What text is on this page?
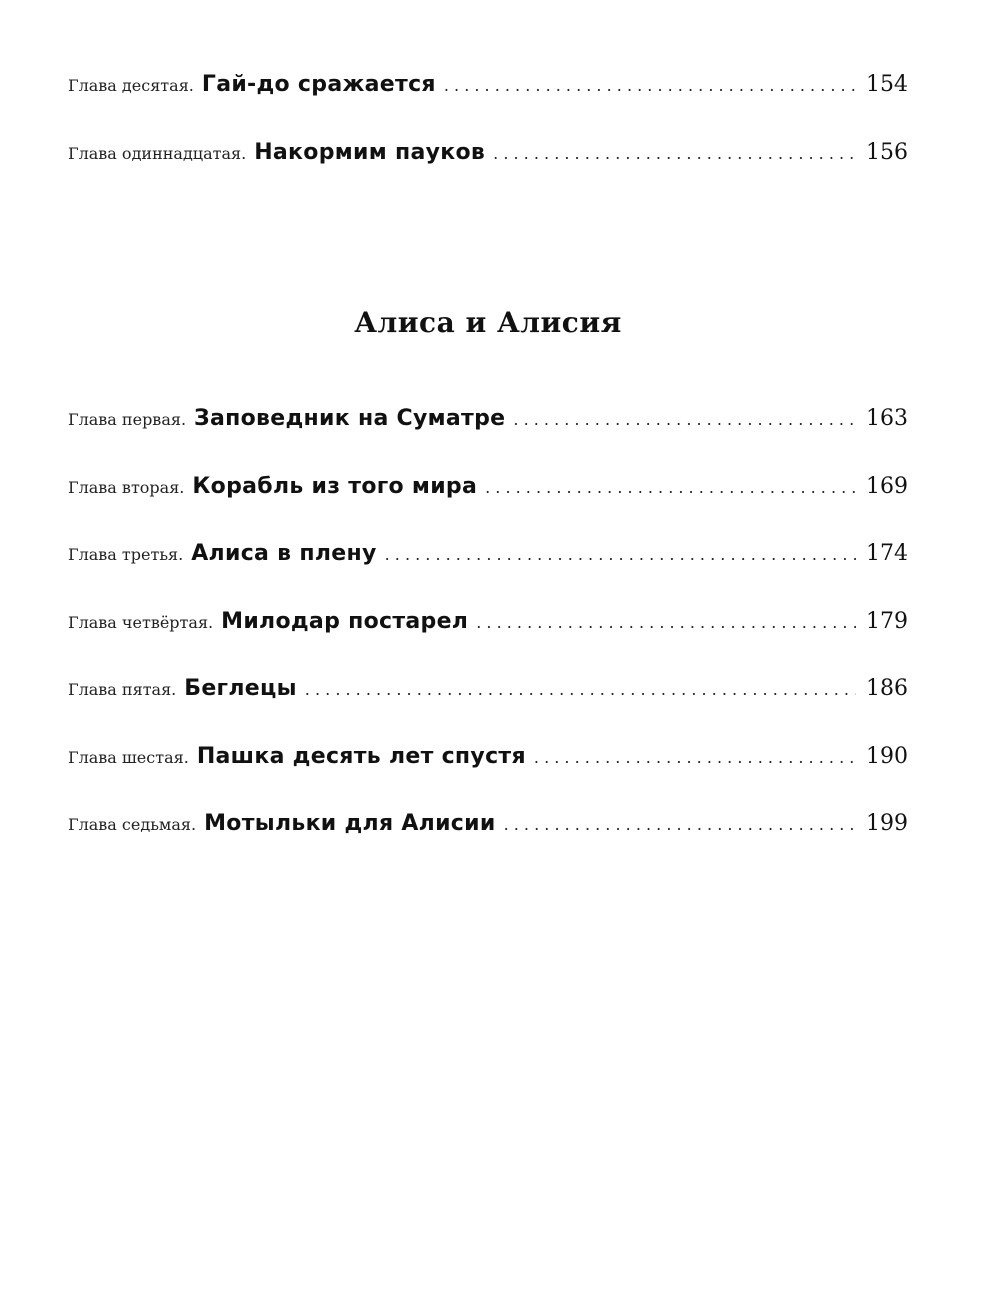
Глава десятая. Гай-до сражается . . .	154
Глава одиннадцатая. Накормим пауков . . .	156
Алиса и Алисия
Глава первая. Заповедник на Суматре . . .	163
Глава вторая. Корабль из того мира . . .	169
Глава третья. Алиса в плену . . .	174
Глава четвёртая. Милодар постарел . . .	179
Глава пятая. Беглецы . . .	186
Глава шестая. Пашка десять лет спустя . . .	190
Глава седьмая. Мотыльки для Алисии . . .	199
